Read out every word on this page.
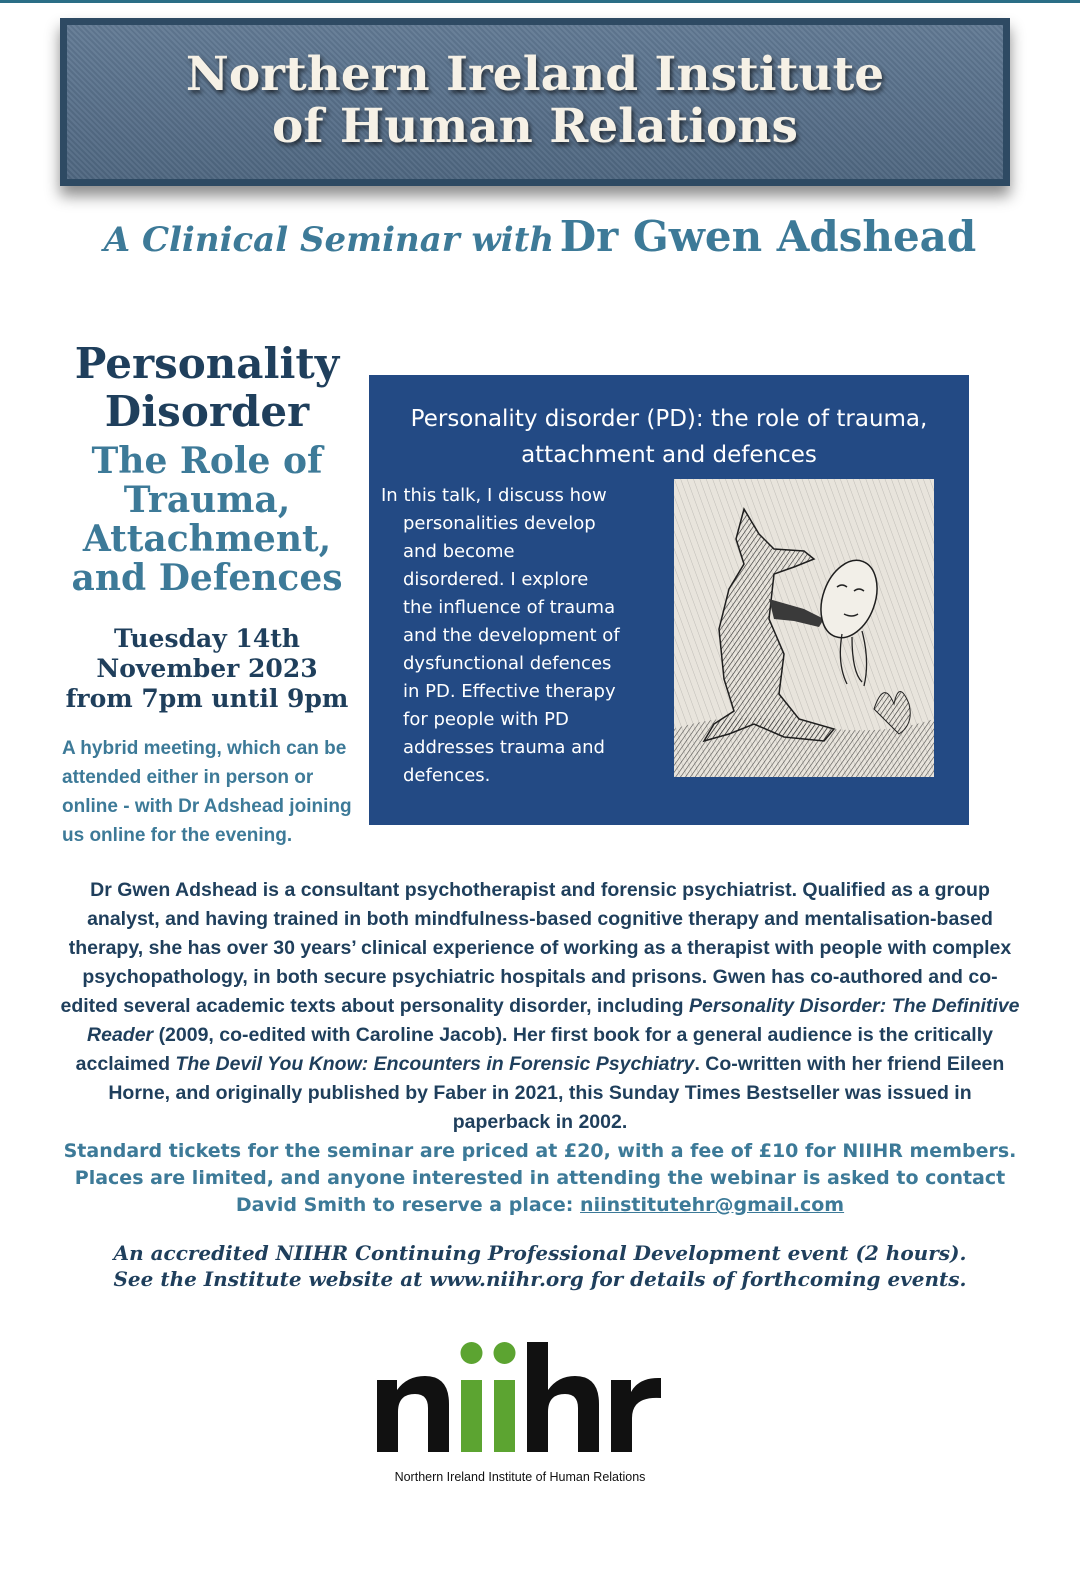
Northern Ireland Institute
of Human Relations
A Clinical Seminar with Dr Gwen Adshead
Personality
Disorder
The Role of
Trauma,
Attachment,
and Defences
Tuesday 14th
November 2023
from 7pm until 9pm
A hybrid meeting, which can be
attended either in person or
online - with Dr Adshead joining
us online for the evening.
Personality disorder (PD): the role of trauma,
attachment and defences
In this talk, I discuss how
personalities develop
and become
disordered. I explore
the influence of trauma
and the development of
dysfunctional defences
in PD. Effective therapy
for people with PD
addresses trauma and
defences.
Dr Gwen Adshead is a consultant psychotherapist and forensic psychiatrist. Qualified as a group analyst, and having trained in both mindfulness-based cognitive therapy and mentalisation-based therapy, she has over 30 years’ clinical experience of working as a therapist with people with complex psychopathology, in both secure psychiatric hospitals and prisons. Gwen has co-authored and co-edited several academic texts about personality disorder, including Personality Disorder: The Definitive Reader (2009, co-edited with Caroline Jacob). Her first book for a general audience is the critically acclaimed The Devil You Know: Encounters in Forensic Psychiatry. Co-written with her friend Eileen Horne, and originally published by Faber in 2021, this Sunday Times Bestseller was issued in paperback in 2002.
Standard tickets for the seminar are priced at £20, with a fee of £10 for NIIHR members.
Places are limited, and anyone interested in attending the webinar is asked to contact
David Smith to reserve a place: niinstitutehr@gmail.com
An accredited NIIHR Continuing Professional Development event (2 hours).
See the Institute website at www.niihr.org for details of forthcoming events.
Northern Ireland Institute of Human Relations
